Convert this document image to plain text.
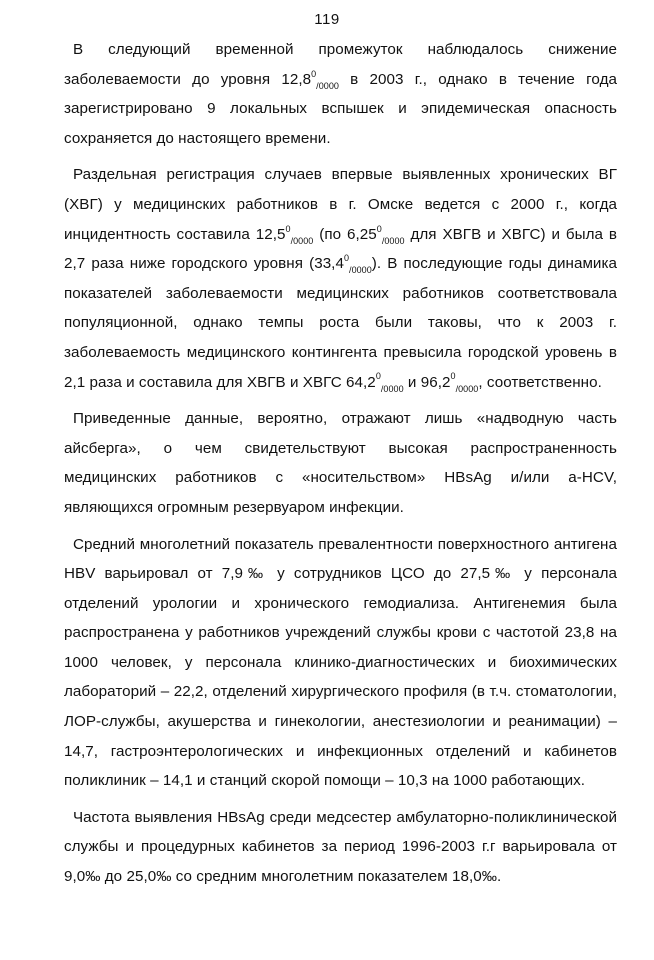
119

В следующий временной промежуток наблюдалось снижение заболеваемости до уровня $12,8^0_{/0000}$ в 2003 г., однако в течение года зарегистрировано 9 локальных вспышек и эпидемическая опасность сохраняется до настоящего времени.

Раздельная регистрация случаев впервые выявленных хронических ВГ (ХВГ) у медицинских работников в г. Омске ведется с 2000 г., когда инцидентность составила $12,5^0_{/0000}$ (по $6,25^0_{/0000}$ для ХВГВ и ХВГС) и была в 2,7 раза ниже городского уровня $(33,4^0_{/0000})$. В последующие годы динамика показателей заболеваемости медицинских работников соответствовала популяционной, однако темпы роста были таковы, что к 2003 г. заболеваемость медицинского контингента превысила городской уровень в 2,1 раза и составила для ХВГВ и ХВГС $64,2^0_{/0000}$ и $96,2^0_{/0000}$, соответственно.

Приведенные данные, вероятно, отражают лишь «надводную часть айсберга», о чем свидетельствуют высокая распространенность медицинских работников с «носительством» HBsAg и/или a-HCV, являющихся огромным резервуаром инфекции.

Средний многолетний показатель превалентности поверхностного антигена HBV варьировал от 7,9‰ у сотрудников ЦСО до 27,5‰ у персонала отделений урологии и хронического гемодиализа. Антигенемия была распространена у работников учреждений службы крови с частотой 23,8 на 1000 человек, у персонала клинико-диагностических и биохимических лабораторий – 22,2, отделений хирургического профиля (в т.ч. стоматологии, ЛОР-службы, акушерства и гинекологии, анестезиологии и реанимации) – 14,7, гастроэнтерологических и инфекционных отделений и кабинетов поликлиник – 14,1 и станций скорой помощи – 10,3 на 1000 работающих.

Частота выявления HBsAg среди медсестер амбулаторно-поликлинической службы и процедурных кабинетов за период 1996-2003 г.г варьировала от 9,0‰ до 25,0‰ со средним многолетним показателем 18,0‰.
